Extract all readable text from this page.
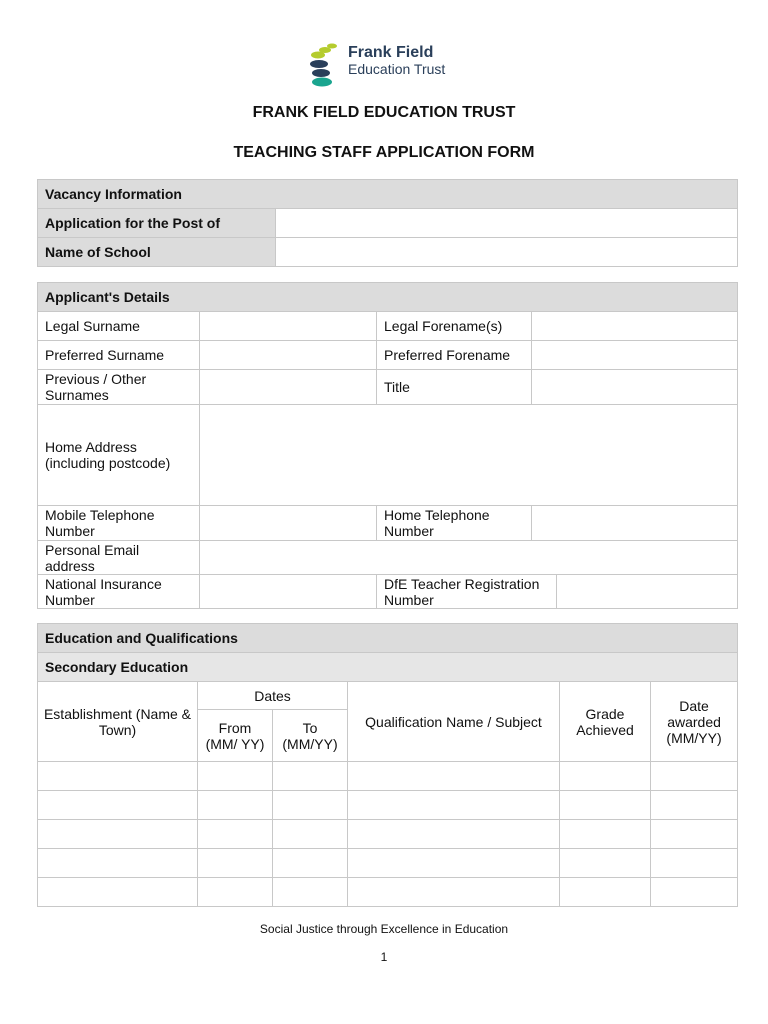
Frank Field
Education Trust
FRANK FIELD EDUCATION TRUST
TEACHING STAFF APPLICATION FORM
Vacancy Information	
Application for the Post of	
Name of School	
Applicant's Details				
Legal Surname		Legal Forename(s)		
Preferred Surname		Preferred Forename		
Previous / Other Surnames		Title		
Home Address (including postcode)				
Mobile Telephone Number		Home Telephone Number		
Personal Email address				
National Insurance Number		DfE Teacher Registration Number		
Education and Qualifications					
Secondary Education					
Establishment (Name & Town)	Dates		Qualification Name / Subject	Grade Achieved	Date awarded (MM/YY)
	From (MM/ YY)	To (MM/YY)			

Social Justice through Excellence in Education
1
